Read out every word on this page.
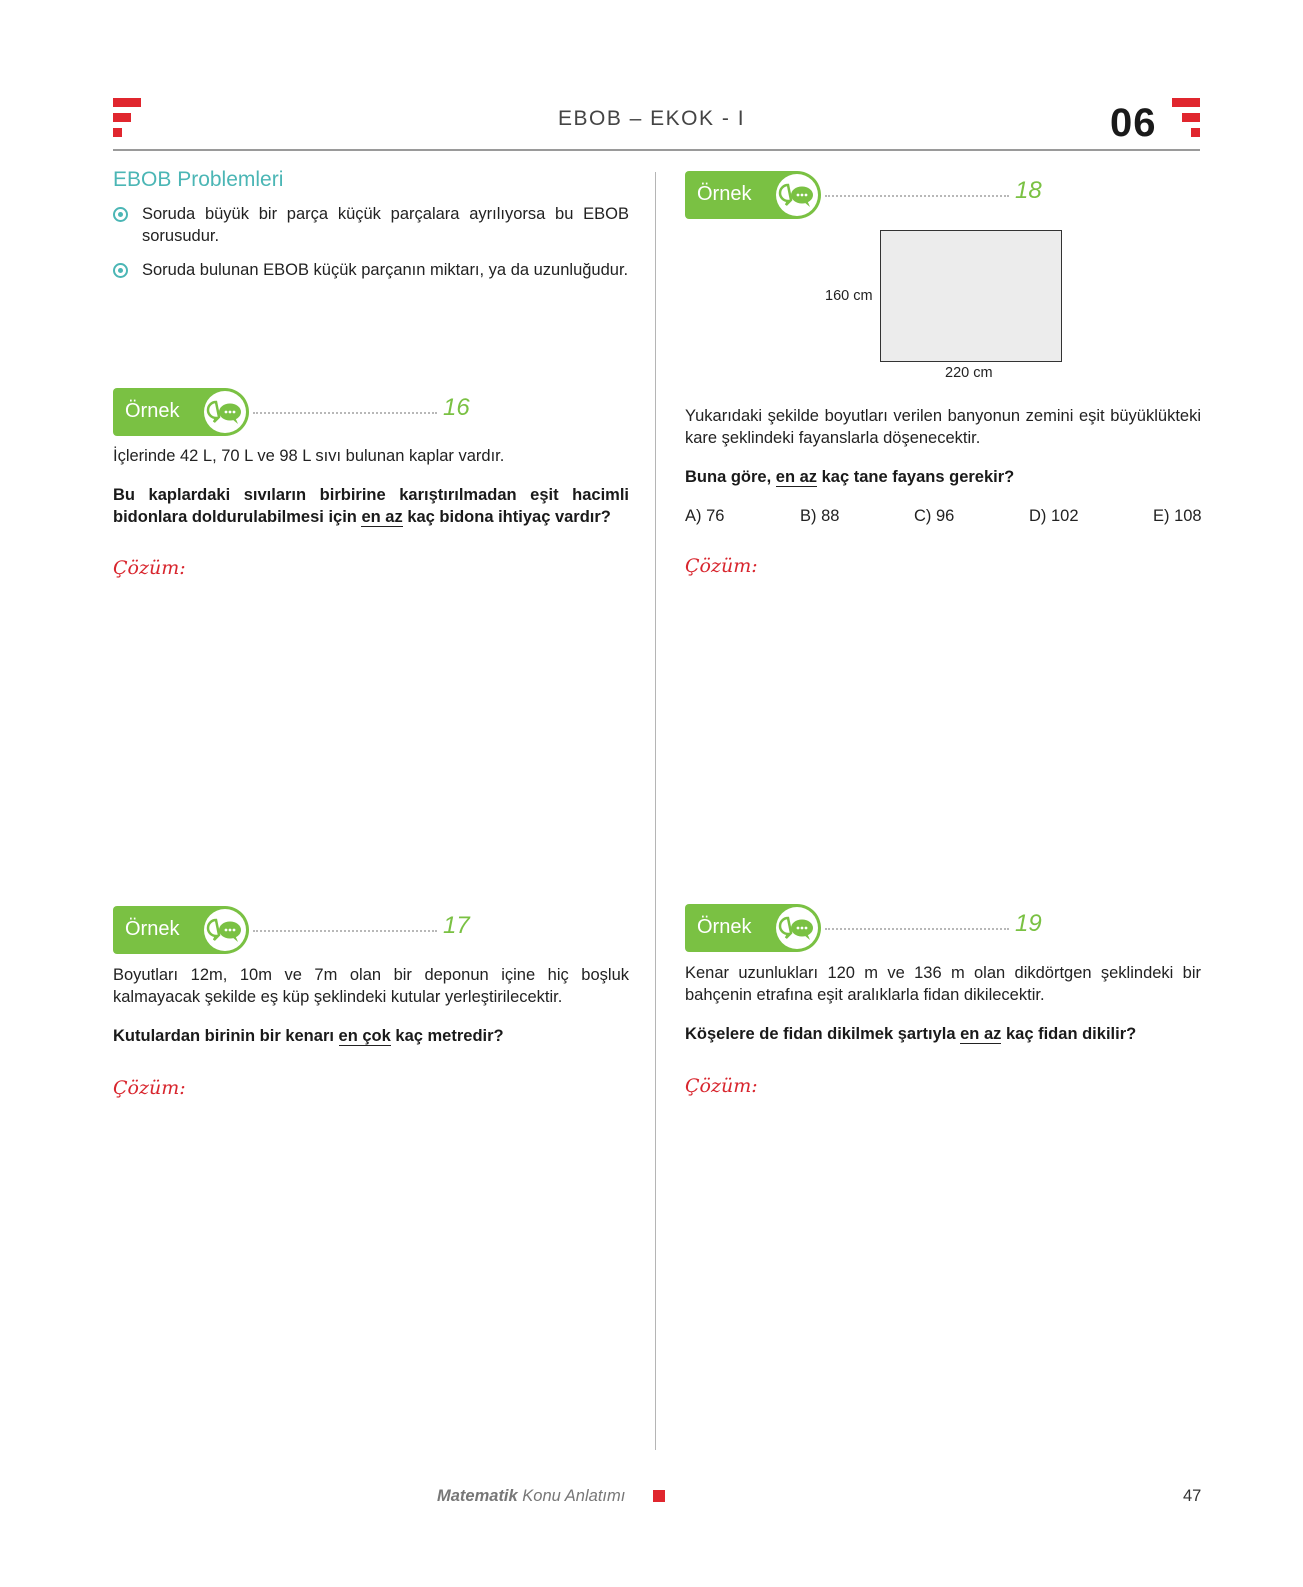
EBOB – EKOK - I	06
EBOB Problemleri
Soruda büyük bir parça küçük parçalara ayrılıyorsa bu EBOB sorusudur.
Soruda bulunan EBOB küçük parçanın miktarı, ya da uzunluğudur.
Örnek	16
İçlerinde 42 L, 70 L ve 98 L sıvı bulunan kaplar vardır.
Bu kaplardaki sıvıların birbirine karıştırılmadan eşit hacimli bidonlara doldurulabilmesi için en az kaç bidona ihtiyaç vardır?
Çözüm:
Örnek	17
Boyutları 12m, 10m ve 7m olan bir deponun içine hiç boşluk kalmayacak şekilde eş küp şeklindeki kutular yerleştirilecektir.
Kutulardan birinin bir kenarı en çok kaç metredir?
Çözüm:
Örnek	18
160 cm
220 cm
Yukarıdaki şekilde boyutları verilen banyonun zemini eşit büyüklükteki kare şeklindeki fayanslarla döşenecektir.
Buna göre, en az kaç tane fayans gerekir?
A) 76	B) 88	C) 96	D) 102	E) 108
Çözüm:
Örnek	19
Kenar uzunlukları 120 m ve 136 m olan dikdörtgen şeklindeki bir bahçenin etrafına eşit aralıklarla fidan dikilecektir.
Köşelere de fidan dikilmek şartıyla en az kaç fidan dikilir?
Çözüm:
Matematik Konu Anlatımı	47
